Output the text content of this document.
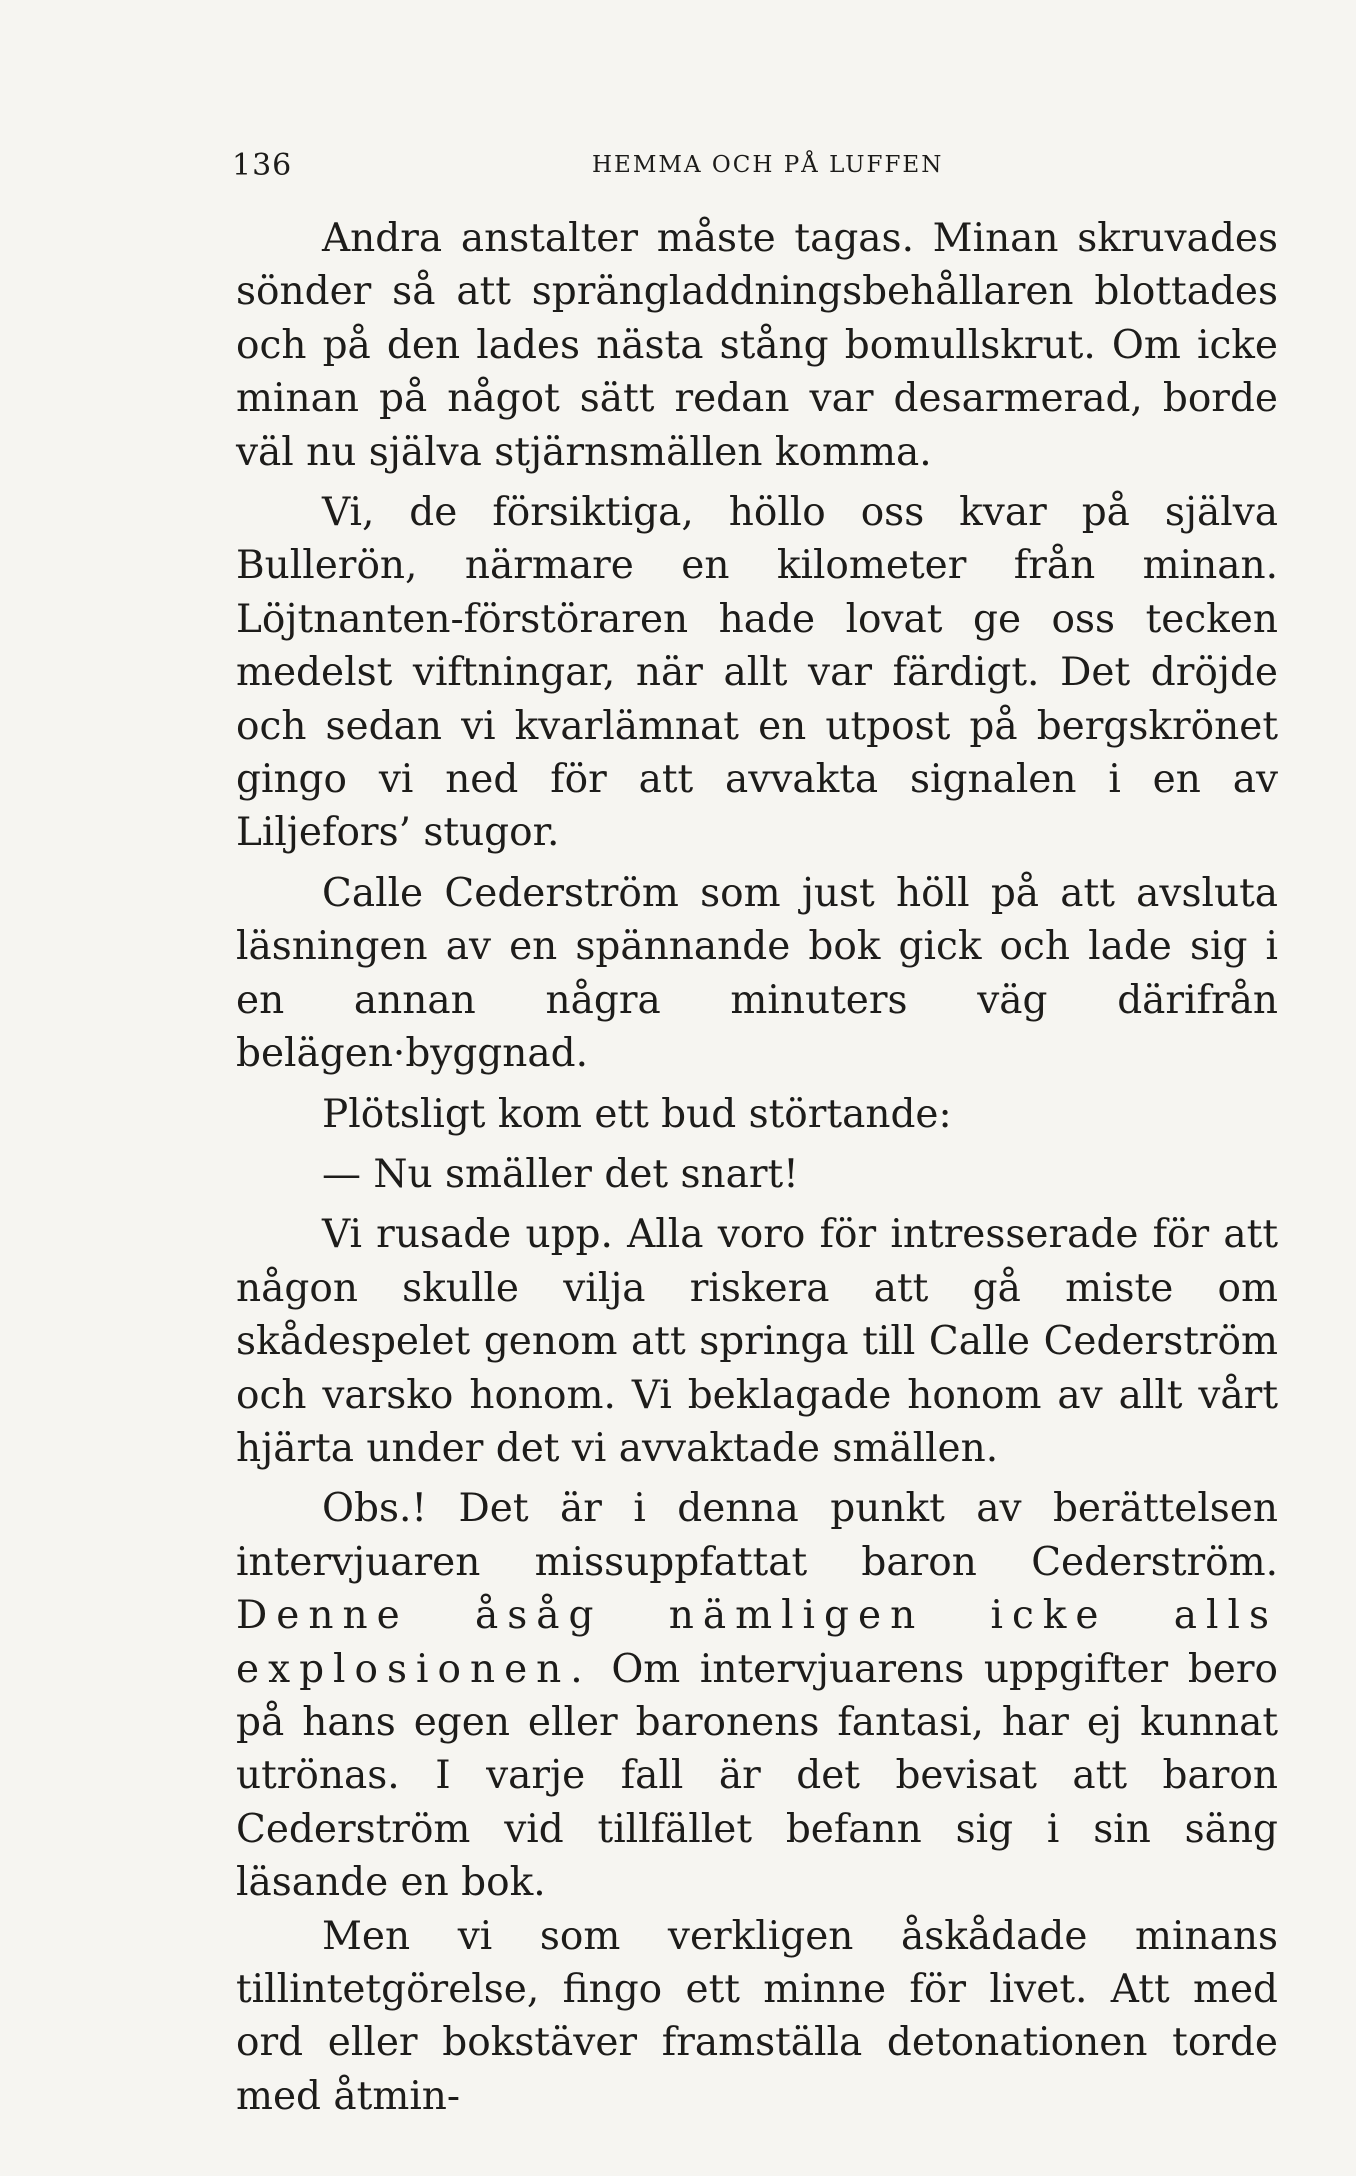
136	HEMMA OCH PÅ LUFFEN

Andra anstalter måste tagas. Minan skruvades sönder så att sprängladdningsbehållaren blottades och på den lades nästa stång bomullskrut. Om icke minan på något sätt redan var desarmerad, borde väl nu själva stjärnsmällen komma.

Vi, de försiktiga, höllo oss kvar på själva Bullerön, närmare en kilometer från minan. Löjtnanten-förstöraren hade lovat ge oss tecken medelst viftningar, när allt var färdigt. Det dröjde och sedan vi kvarlämnat en utpost på bergskrönet gingo vi ned för att avvakta signalen i en av Liljefors’ stugor.

Calle Cederström som just höll på att avsluta läsningen av en spännande bok gick och lade sig i en annan några minuters väg därifrån belägen·byggnad.

Plötsligt kom ett bud störtande:

— Nu smäller det snart!

Vi rusade upp. Alla voro för intresserade för att någon skulle vilja riskera att gå miste om skådespelet genom att springa till Calle Cederström och varsko honom. Vi beklagade honom av allt vårt hjärta under det vi avvaktade smällen.

Obs.! Det är i denna punkt av berättelsen intervjuaren missuppfattat baron Cederström. Denne åsåg nämligen icke alls explosionen. Om intervjuarens uppgifter bero på hans egen eller baronens fantasi, har ej kunnat utrönas. I varje fall är det bevisat att baron Cederström vid tillfället befann sig i sin säng läsande en bok.

Men vi som verkligen åskådade minans tillintetgörelse, fingo ett minne för livet. Att med ord eller bokstäver framställa detonationen torde med åtmin-
